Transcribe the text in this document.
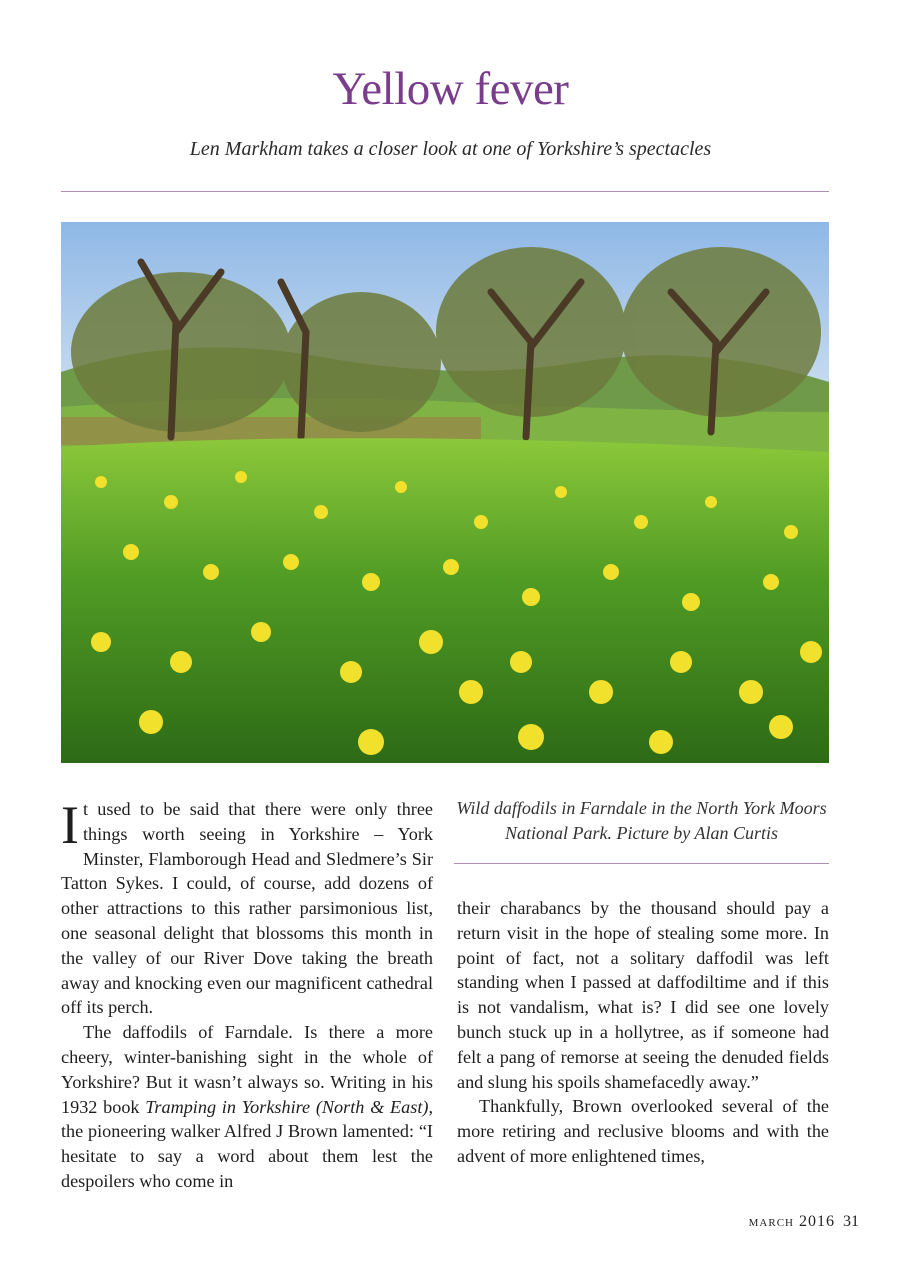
Yellow fever
Len Markham takes a closer look at one of Yorkshire’s spectacles
Wild daffodils in Farndale in the North York Moors National Park. Picture by Alan Curtis

It used to be said that there were only three things worth seeing in Yorkshire – York Minster, Flamborough Head and Sledmere’s Sir Tatton Sykes. I could, of course, add dozens of other attractions to this rather parsimonious list, one seasonal delight that blossoms this month in the valley of our River Dove taking the breath away and knocking even our magnificent cathedral off its perch.

The daffodils of Farndale. Is there a more cheery, winter-banishing sight in the whole of Yorkshire? But it wasn’t always so. Writing in his 1932 book Tramping in Yorkshire (North & East), the pioneering walker Alfred J Brown lamented: “I hesitate to say a word about them lest the despoilers who come in

their charabancs by the thousand should pay a return visit in the hope of stealing some more. In point of fact, not a solitary daffodil was left standing when I passed at daffodiltime and if this is not vandalism, what is? I did see one lovely bunch stuck up in a hollytree, as if someone had felt a pang of remorse at seeing the denuded fields and slung his spoils shamefacedly away.”

Thankfully, Brown overlooked several of the more retiring and reclusive blooms and with the advent of more enlightened times,

march 2016 31
